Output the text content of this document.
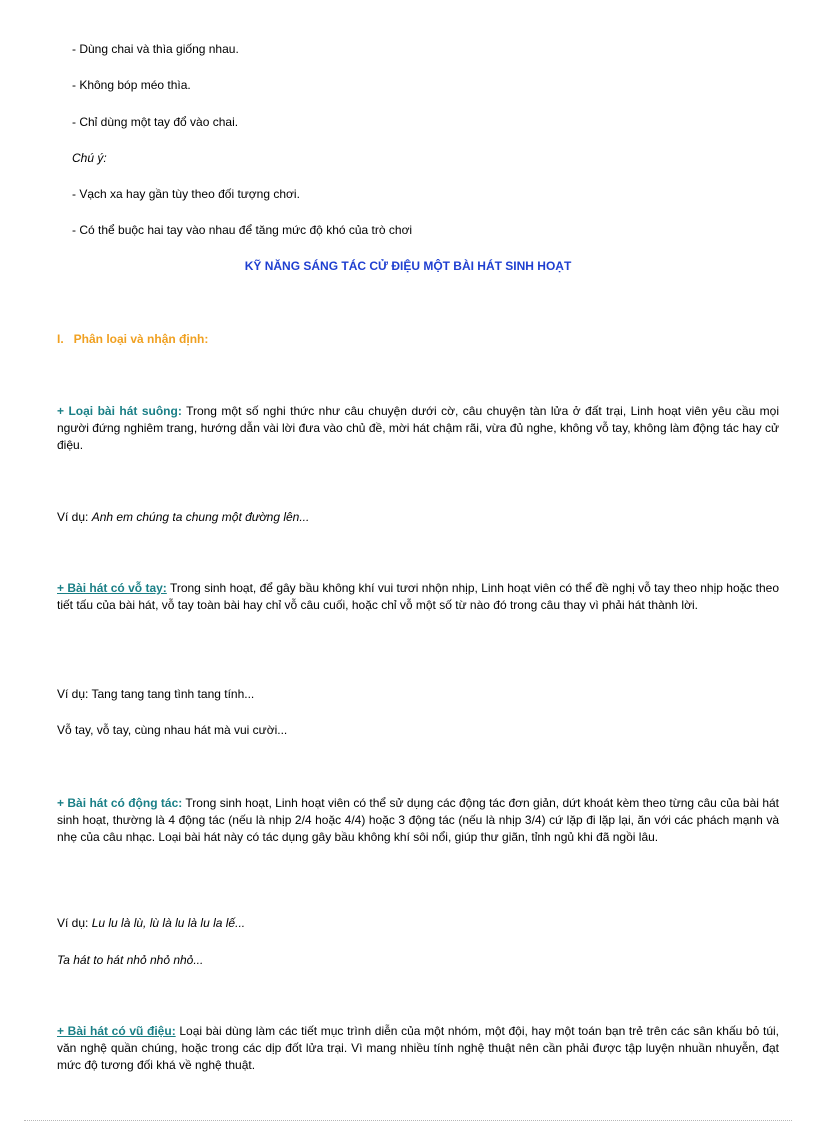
- Dùng chai và thìa giống nhau.
- Không bóp méo thìa.
- Chỉ dùng một tay đổ vào chai.
Chú ý:
- Vạch xa hay gần tùy theo đối tượng chơi.
- Có thể buộc hai tay vào nhau để tăng mức độ khó của trò chơi
KỸ NĂNG SÁNG TÁC CỬ ĐIỆU MỘT BÀI HÁT SINH HOẠT
I.   Phân loại và nhận định:
+ Loại bài hát suông: Trong một số nghi thức như câu chuyện dưới cờ, câu chuyện tàn lửa ở đất trại, Linh hoạt viên yêu cầu mọi người đứng nghiêm trang, hướng dẫn vài lời đưa vào chủ đề, mời hát chậm rãi, vừa đủ nghe, không vỗ tay, không làm động tác hay cử điệu.
Ví dụ: Anh em chúng ta chung một đường lên...
+ Bài hát có vỗ tay: Trong sinh hoạt, để gây bầu không khí vui tươi nhộn nhịp, Linh hoạt viên có thể đề nghị vỗ tay theo nhịp hoặc theo tiết tấu của bài hát, vỗ tay toàn bài hay chỉ vỗ câu cuối, hoặc chỉ vỗ một số từ nào đó trong câu thay vì phải hát thành lời.
Ví dụ: Tang tang tang tình tang tính...
Vỗ tay, vỗ tay, cùng nhau hát mà vui cười...
+ Bài hát có động tác: Trong sinh hoạt, Linh hoạt viên có thể sử dụng các động tác đơn giản, dứt khoát kèm theo từng câu của bài hát sinh hoạt, thường là 4 động tác (nếu là nhịp 2/4 hoặc 4/4) hoặc 3 động tác (nếu là nhịp 3/4) cứ lặp đi lặp lại, ăn với các phách mạnh và nhẹ của câu nhạc. Loại bài hát này có tác dụng gây bầu không khí sôi nổi, giúp thư giãn, tỉnh ngủ khi đã ngồi lâu.
Ví dụ: Lu lu là lù, lù là lu là lu la lế...
Ta hát to hát nhỏ nhỏ nhỏ...
+ Bài hát có vũ điệu: Loại bài dùng làm các tiết mục trình diễn của một nhóm, một đội, hay một toán bạn trẻ trên các sân khấu bỏ túi, văn nghệ quần chúng, hoặc trong các dịp đốt lửa trại. Vì mang nhiều tính nghệ thuật nên cần phải được tập luyện nhuần nhuyễn, đạt mức độ tương đối khá về nghệ thuật.
